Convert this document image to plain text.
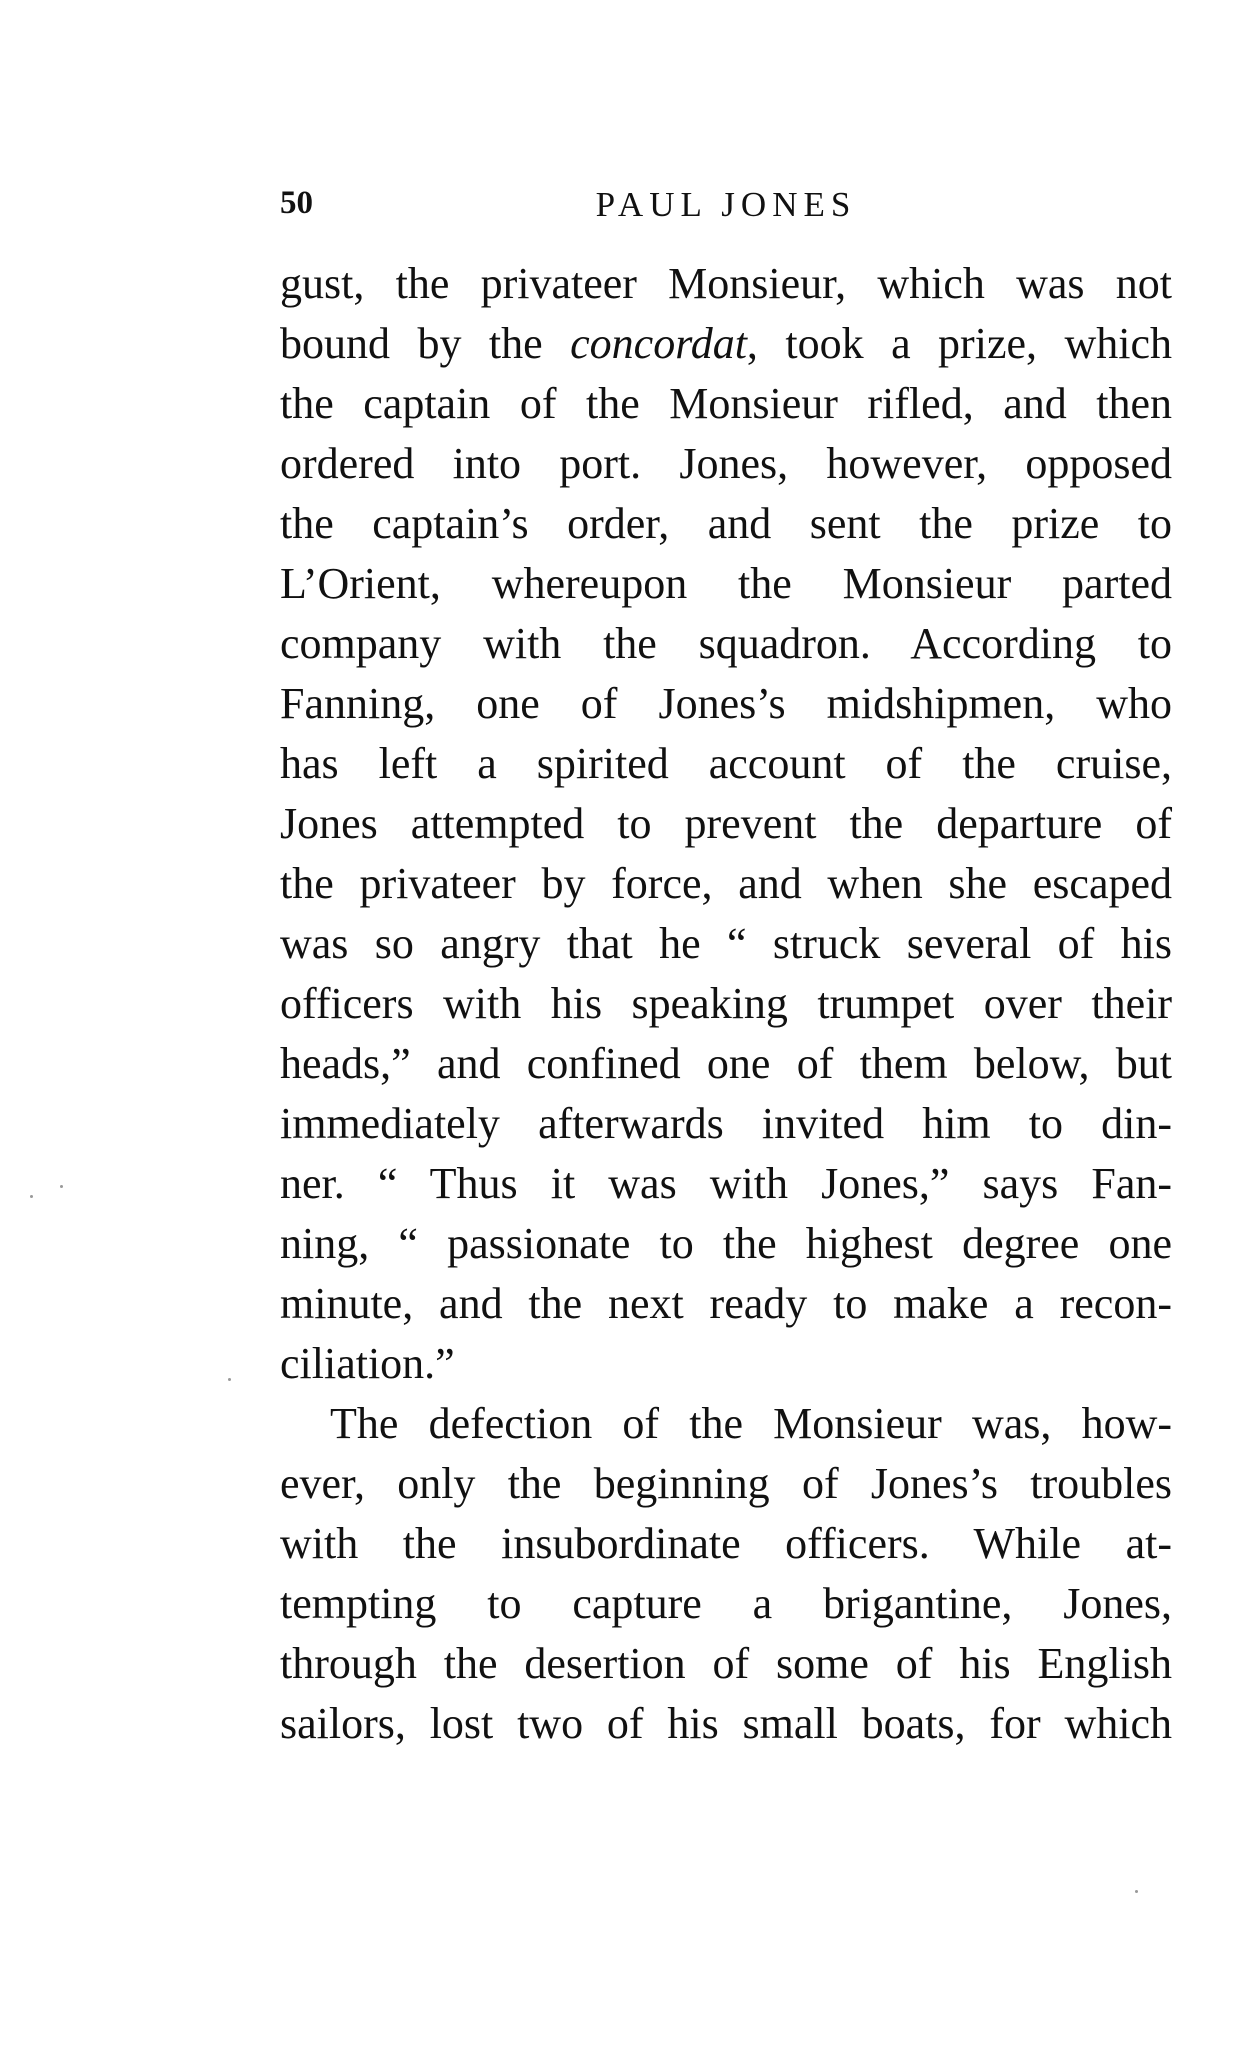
50	PAUL JONES
gust, the privateer Monsieur, which was not
bound by the concordat, took a prize, which
the captain of the Monsieur rifled, and then
ordered into port. Jones, however, opposed
the captain’s order, and sent the prize to
L’Orient, whereupon the Monsieur parted
company with the squadron. According to
Fanning, one of Jones’s midshipmen, who
has left a spirited account of the cruise,
Jones attempted to prevent the departure of
the privateer by force, and when she escaped
was so angry that he “ struck several of his
officers with his speaking trumpet over their
heads,” and confined one of them below, but
immediately afterwards invited him to din-
ner. “ Thus it was with Jones,” says Fan-
ning, “ passionate to the highest degree one
minute, and the next ready to make a recon-
ciliation.”
The defection of the Monsieur was, how-
ever, only the beginning of Jones’s troubles
with the insubordinate officers. While at-
tempting to capture a brigantine, Jones,
through the desertion of some of his English
sailors, lost two of his small boats, for which
